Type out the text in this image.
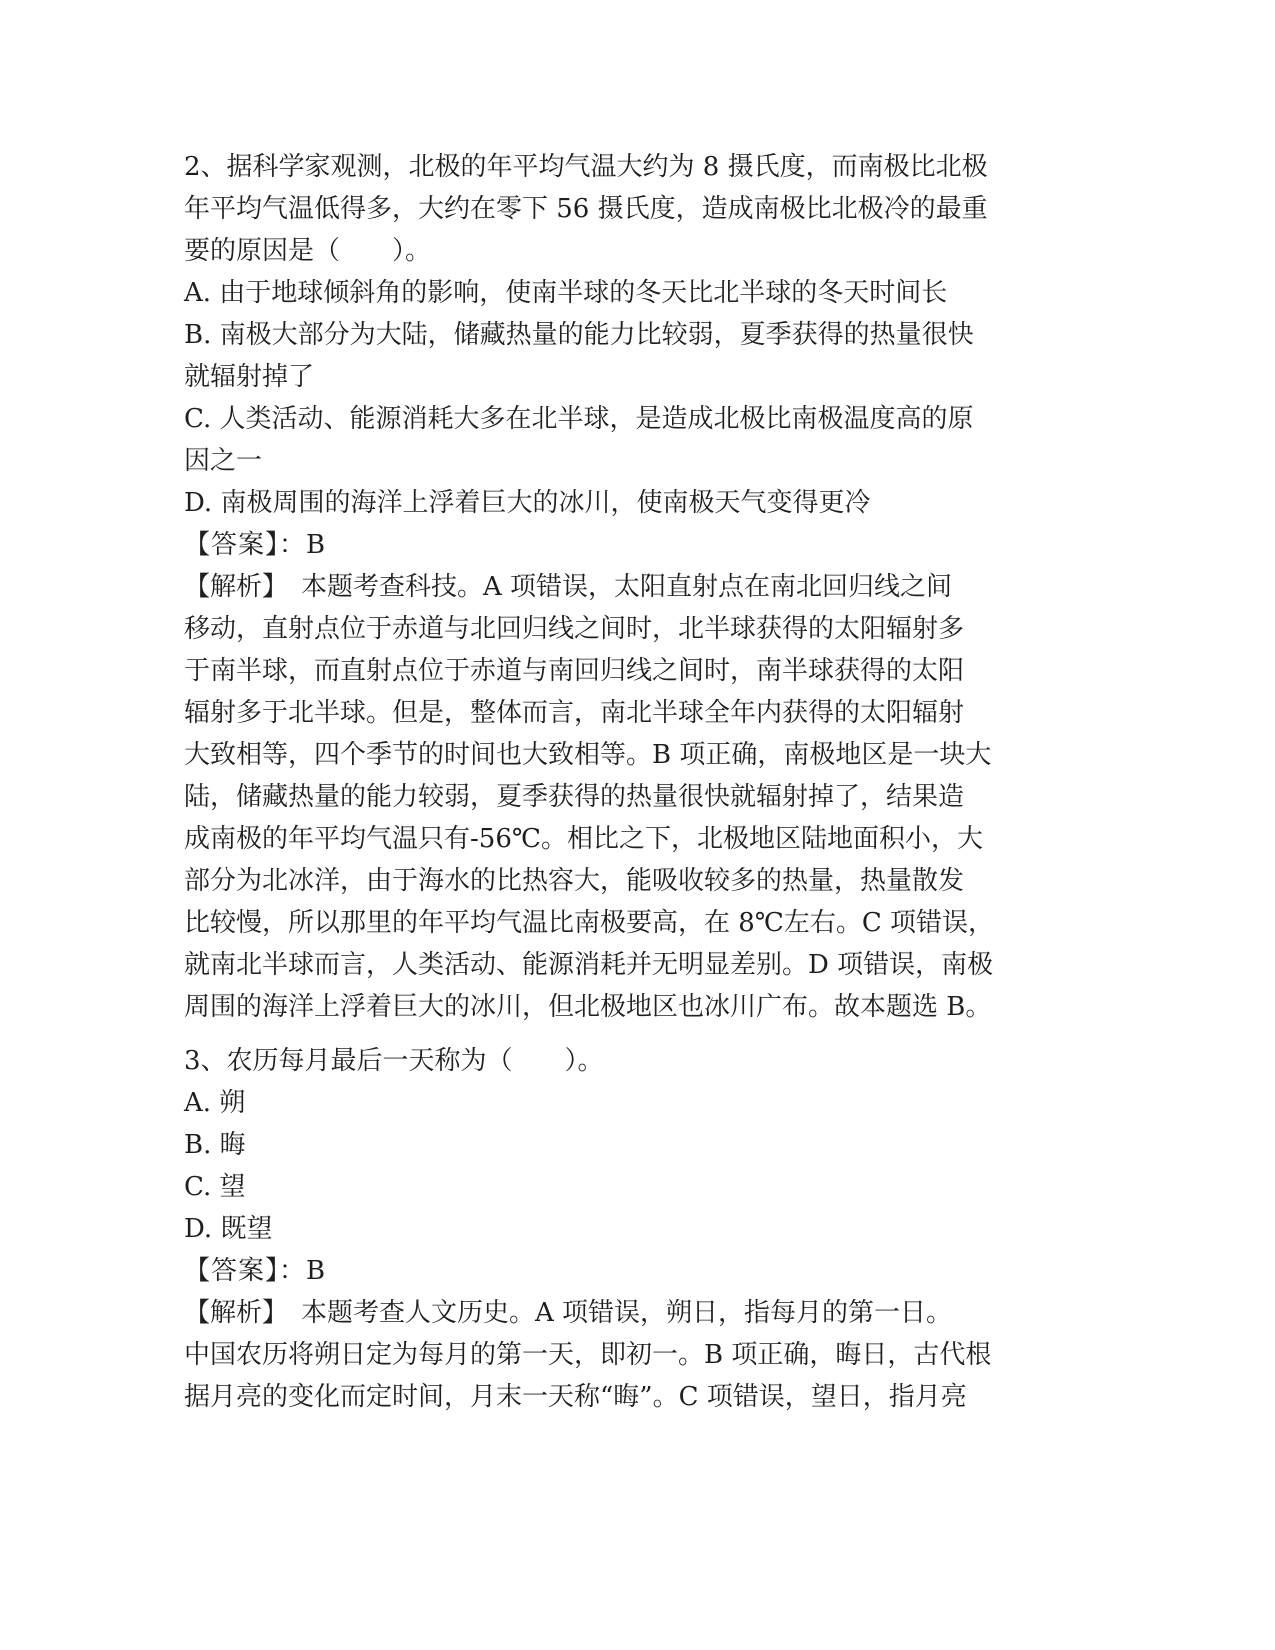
2、据科学家观测，北极的年平均气温大约为 8 摄氏度，而南极比北极
年平均气温低得多，大约在零下 56 摄氏度，造成南极比北极冷的最重
要的原因是（　　）。
A. 由于地球倾斜角的影响，使南半球的冬天比北半球的冬天时间长
B. 南极大部分为大陆，储藏热量的能力比较弱，夏季获得的热量很快
就辐射掉了
C. 人类活动、能源消耗大多在北半球，是造成北极比南极温度高的原
因之一
D. 南极周围的海洋上浮着巨大的冰川，使南极天气变得更冷
【答案】：B
【解析】　本题考查科技。A 项错误，太阳直射点在南北回归线之间
移动，直射点位于赤道与北回归线之间时，北半球获得的太阳辐射多
于南半球，而直射点位于赤道与南回归线之间时，南半球获得的太阳
辐射多于北半球。但是，整体而言，南北半球全年内获得的太阳辐射
大致相等，四个季节的时间也大致相等。B 项正确，南极地区是一块大
陆，储藏热量的能力较弱，夏季获得的热量很快就辐射掉了，结果造
成南极的年平均气温只有-56℃。相比之下，北极地区陆地面积小，大
部分为北冰洋，由于海水的比热容大，能吸收较多的热量，热量散发
比较慢，所以那里的年平均气温比南极要高，在 8℃左右。C 项错误，
就南北半球而言，人类活动、能源消耗并无明显差别。D 项错误，南极
周围的海洋上浮着巨大的冰川，但北极地区也冰川广布。故本题选 B。
3、农历每月最后一天称为（　　）。
A. 朔
B. 晦
C. 望
D. 既望
【答案】：B
【解析】　本题考查人文历史。A 项错误，朔日，指每月的第一日。
中国农历将朔日定为每月的第一天，即初一。B 项正确，晦日，古代根
据月亮的变化而定时间，月末一天称“晦”。C 项错误，望日，指月亮
